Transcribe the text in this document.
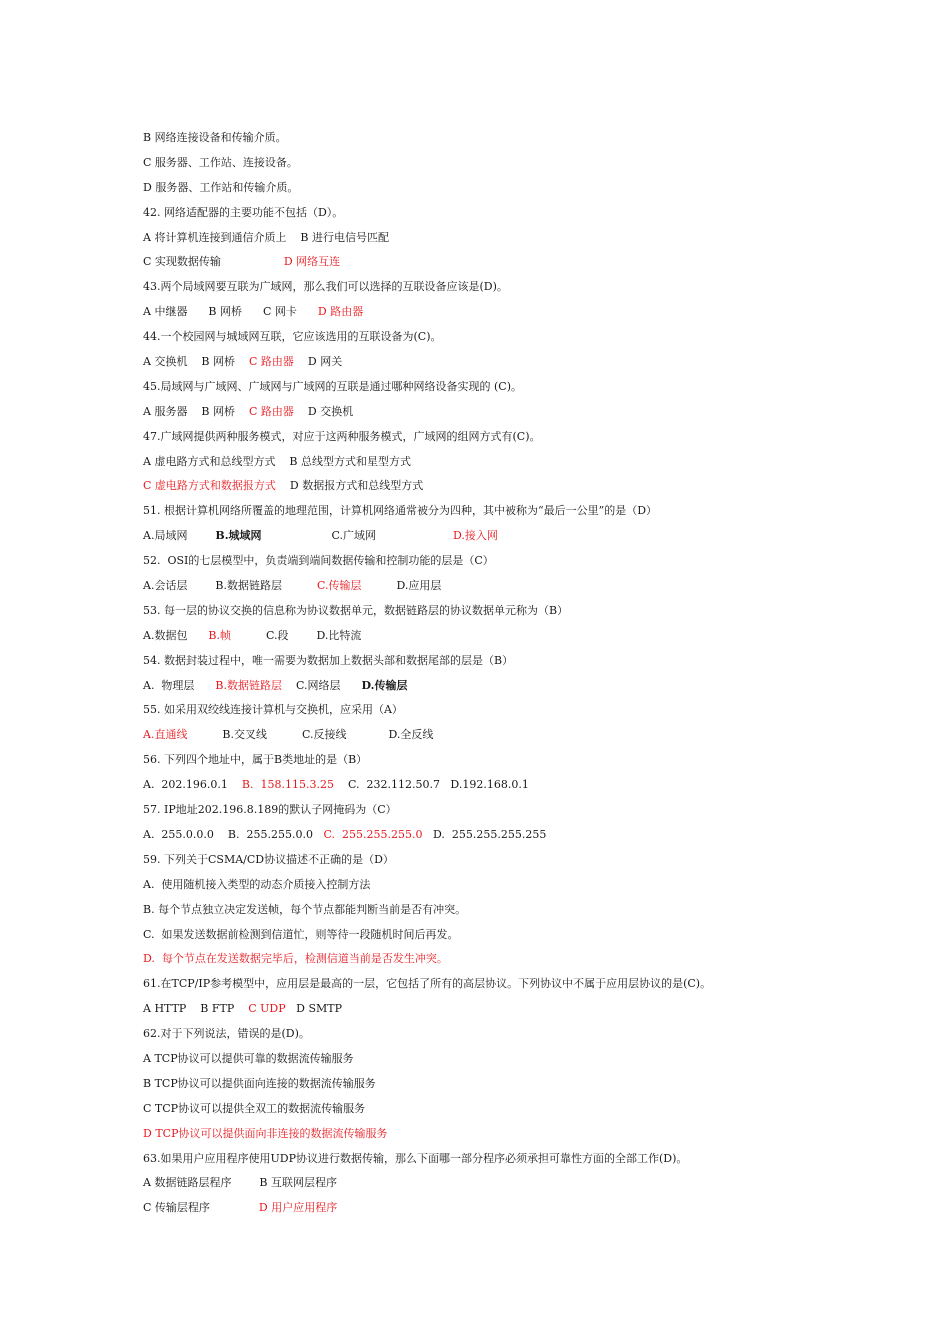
B 网络连接设备和传输介质。
C 服务器、工作站、连接设备。
D 服务器、工作站和传输介质。
42. 网络适配器的主要功能不包括（D）。
A 将计算机连接到通信介质上    B 进行电信号匹配
C 实现数据传输                  D 网络互连
43.两个局域网要互联为广域网，那么我们可以选择的互联设备应该是(D)。
A 中继器      B 网桥      C 网卡      D 路由器
44.一个校园网与城域网互联，它应该选用的互联设备为(C)。
A 交换机    B 网桥    C 路由器    D 网关
45.局域网与广域网、广域网与广域网的互联是通过哪种网络设备实现的 (C)。
A 服务器    B 网桥    C 路由器    D 交换机
47.广域网提供两种服务模式，对应于这两种服务模式，广域网的组网方式有(C)。
A 虚电路方式和总线型方式    B 总线型方式和星型方式
C 虚电路方式和数据报方式    D 数据报方式和总线型方式
51. 根据计算机网络所覆盖的地理范围，计算机网络通常被分为四种，其中被称为“最后一公里”的是（D）
A.局域网        B.城域网                    C.广域网                      D.接入网
52.  OSI的七层模型中，负责端到端间数据传输和控制功能的层是（C）
A.会话层        B.数据链路层          C.传输层          D.应用层
53. 每一层的协议交换的信息称为协议数据单元，数据链路层的协议数据单元称为（B）
A.数据包      B.帧          C.段        D.比特流
54. 数据封装过程中，唯一需要为数据加上数据头部和数据尾部的层是（B）
A.  物理层      B.数据链路层    C.网络层      D.传输层
55. 如采用双绞线连接计算机与交换机，应采用（A）
A.直通线          B.交叉线          C.反接线            D.全反线
56. 下列四个地址中，属于B类地址的是（B）
A.  202.196.0.1    B.  158.115.3.25    C.  232.112.50.7   D.192.168.0.1
57. IP地址202.196.8.189的默认子网掩码为（C）
A.  255.0.0.0    B.  255.255.0.0   C.  255.255.255.0   D.  255.255.255.255
59. 下列关于CSMA/CD协议描述不正确的是（D）
A.  使用随机接入类型的动态介质接入控制方法
B. 每个节点独立决定发送帧，每个节点都能判断当前是否有冲突。
C.  如果发送数据前检测到信道忙，则等待一段随机时间后再发。
D.  每个节点在发送数据完毕后，检测信道当前是否发生冲突。
61.在TCP/IP参考模型中，应用层是最高的一层，它包括了所有的高层协议。下列协议中不属于应用层协议的是(C)。
A HTTP    B FTP    C UDP   D SMTP
62.对于下列说法，错误的是(D)。
A TCP协议可以提供可靠的数据流传输服务
B TCP协议可以提供面向连接的数据流传输服务
C TCP协议可以提供全双工的数据流传输服务
D TCP协议可以提供面向非连接的数据流传输服务
63.如果用户应用程序使用UDP协议进行数据传输，那么下面哪一部分程序必须承担可靠性方面的全部工作(D)。
A 数据链路层程序        B 互联网层程序
C 传输层程序              D 用户应用程序
